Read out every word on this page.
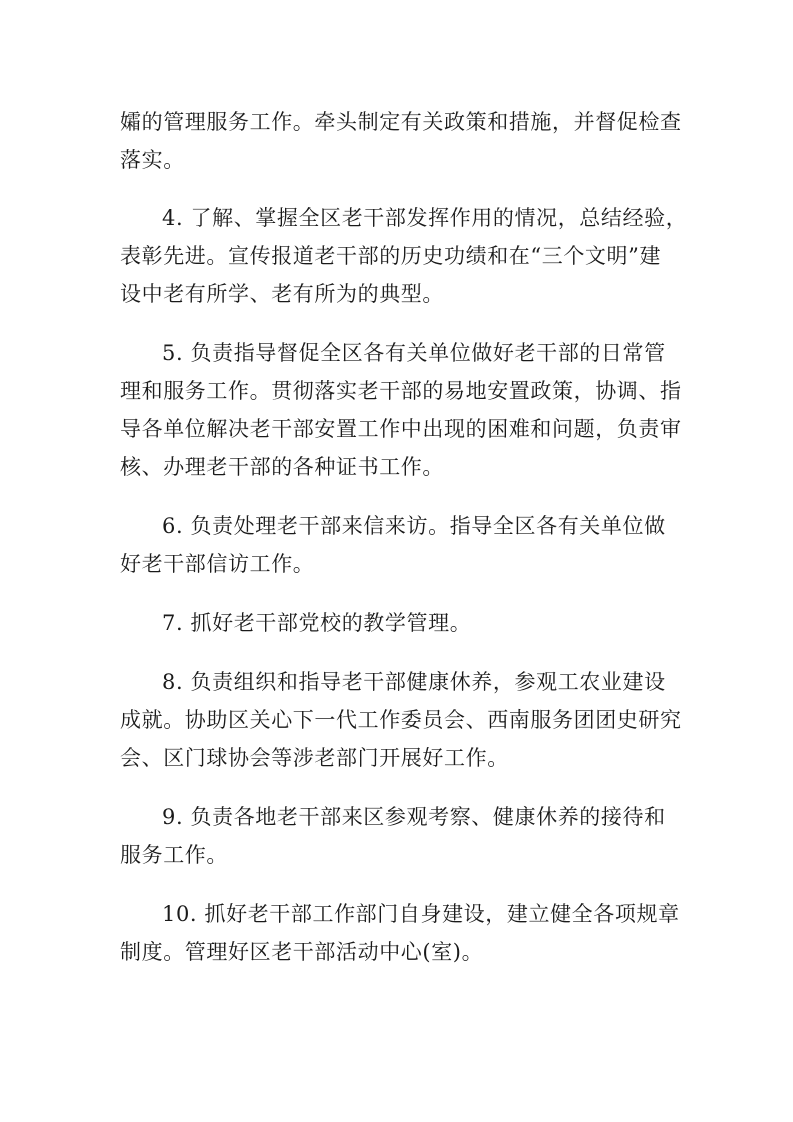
孀的管理服务工作。牵头制定有关政策和措施，并督促检查
落实。
4. 了解、掌握全区老干部发挥作用的情况，总结经验，
表彰先进。宣传报道老干部的历史功绩和在“三个文明”建
设中老有所学、老有所为的典型。
5. 负责指导督促全区各有关单位做好老干部的日常管
理和服务工作。贯彻落实老干部的易地安置政策，协调、指
导各单位解决老干部安置工作中出现的困难和问题，负责审
核、办理老干部的各种证书工作。
6. 负责处理老干部来信来访。指导全区各有关单位做
好老干部信访工作。
7. 抓好老干部党校的教学管理。
8. 负责组织和指导老干部健康休养，参观工农业建设
成就。协助区关心下一代工作委员会、西南服务团团史研究
会、区门球协会等涉老部门开展好工作。
9. 负责各地老干部来区参观考察、健康休养的接待和
服务工作。
10. 抓好老干部工作部门自身建设，建立健全各项规章
制度。管理好区老干部活动中心(室)。
